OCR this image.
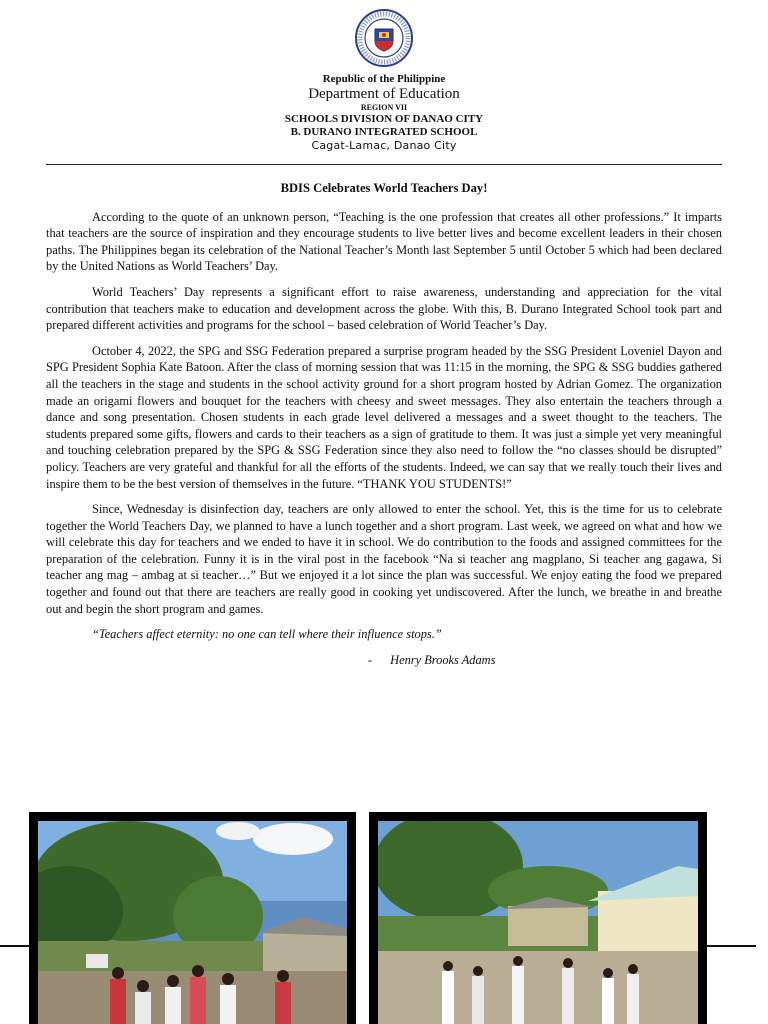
Republic of the Philippine
Department of Education
REGION VII
SCHOOLS DIVISION OF DANAO CITY
B. DURANO INTEGRATED SCHOOL
Cagat-Lamac, Danao City
BDIS Celebrates World Teachers Day!

According to the quote of an unknown person, “Teaching is the one profession that creates all other professions.” It imparts that teachers are the source of inspiration and they encourage students to live better lives and become excellent leaders in their chosen paths. The Philippines began its celebration of the National Teacher’s Month last September 5 until October 5 which had been declared by the United Nations as World Teachers’ Day.

World Teachers’ Day represents a significant effort to raise awareness, understanding and appreciation for the vital contribution that teachers make to education and development across the globe. With this, B. Durano Integrated School took part and prepared different activities and programs for the school – based celebration of World Teacher’s Day.

October 4, 2022, the SPG and SSG Federation prepared a surprise program headed by the SSG President Loveniel Dayon and SPG President Sophia Kate Batoon. After the class of morning session that was 11:15 in the morning, the SPG & SSG buddies gathered all the teachers in the stage and students in the school activity ground for a short program hosted by Adrian Gomez. The organization made an origami flowers and bouquet for the teachers with cheesy and sweet messages. They also entertain the teachers through a dance and song presentation. Chosen students in each grade level delivered a messages and a sweet thought to the teachers. The students prepared some gifts, flowers and cards to their teachers as a sign of gratitude to them. It was just a simple yet very meaningful and touching celebration prepared by the SPG & SSG Federation since they also need to follow the “no classes should be disrupted” policy. Teachers are very grateful and thankful for all the efforts of the students. Indeed, we can say that we really touch their lives and inspire them to be the best version of themselves in the future. “THANK YOU STUDENTS!”

Since, Wednesday is disinfection day, teachers are only allowed to enter the school. Yet, this is the time for us to celebrate together the World Teachers Day, we planned to have a lunch together and a short program. Last week, we agreed on what and how we will celebrate this day for teachers and we ended to have it in school. We do contribution to the foods and assigned committees for the preparation of the celebration. Funny it is in the viral post in the facebook “Na si teacher ang magplano, Si teacher ang gagawa, Si teacher ang mag – ambag at si teacher…” But we enjoyed it a lot since the plan was successful. We enjoy eating the food we prepared together and found out that there are teachers are really good in cooking yet undiscovered. After the lunch, we breathe in and breathe out and begin the short program and games.

“Teachers affect eternity: no one can tell where their influence stops.”
- Henry Brooks Adams
